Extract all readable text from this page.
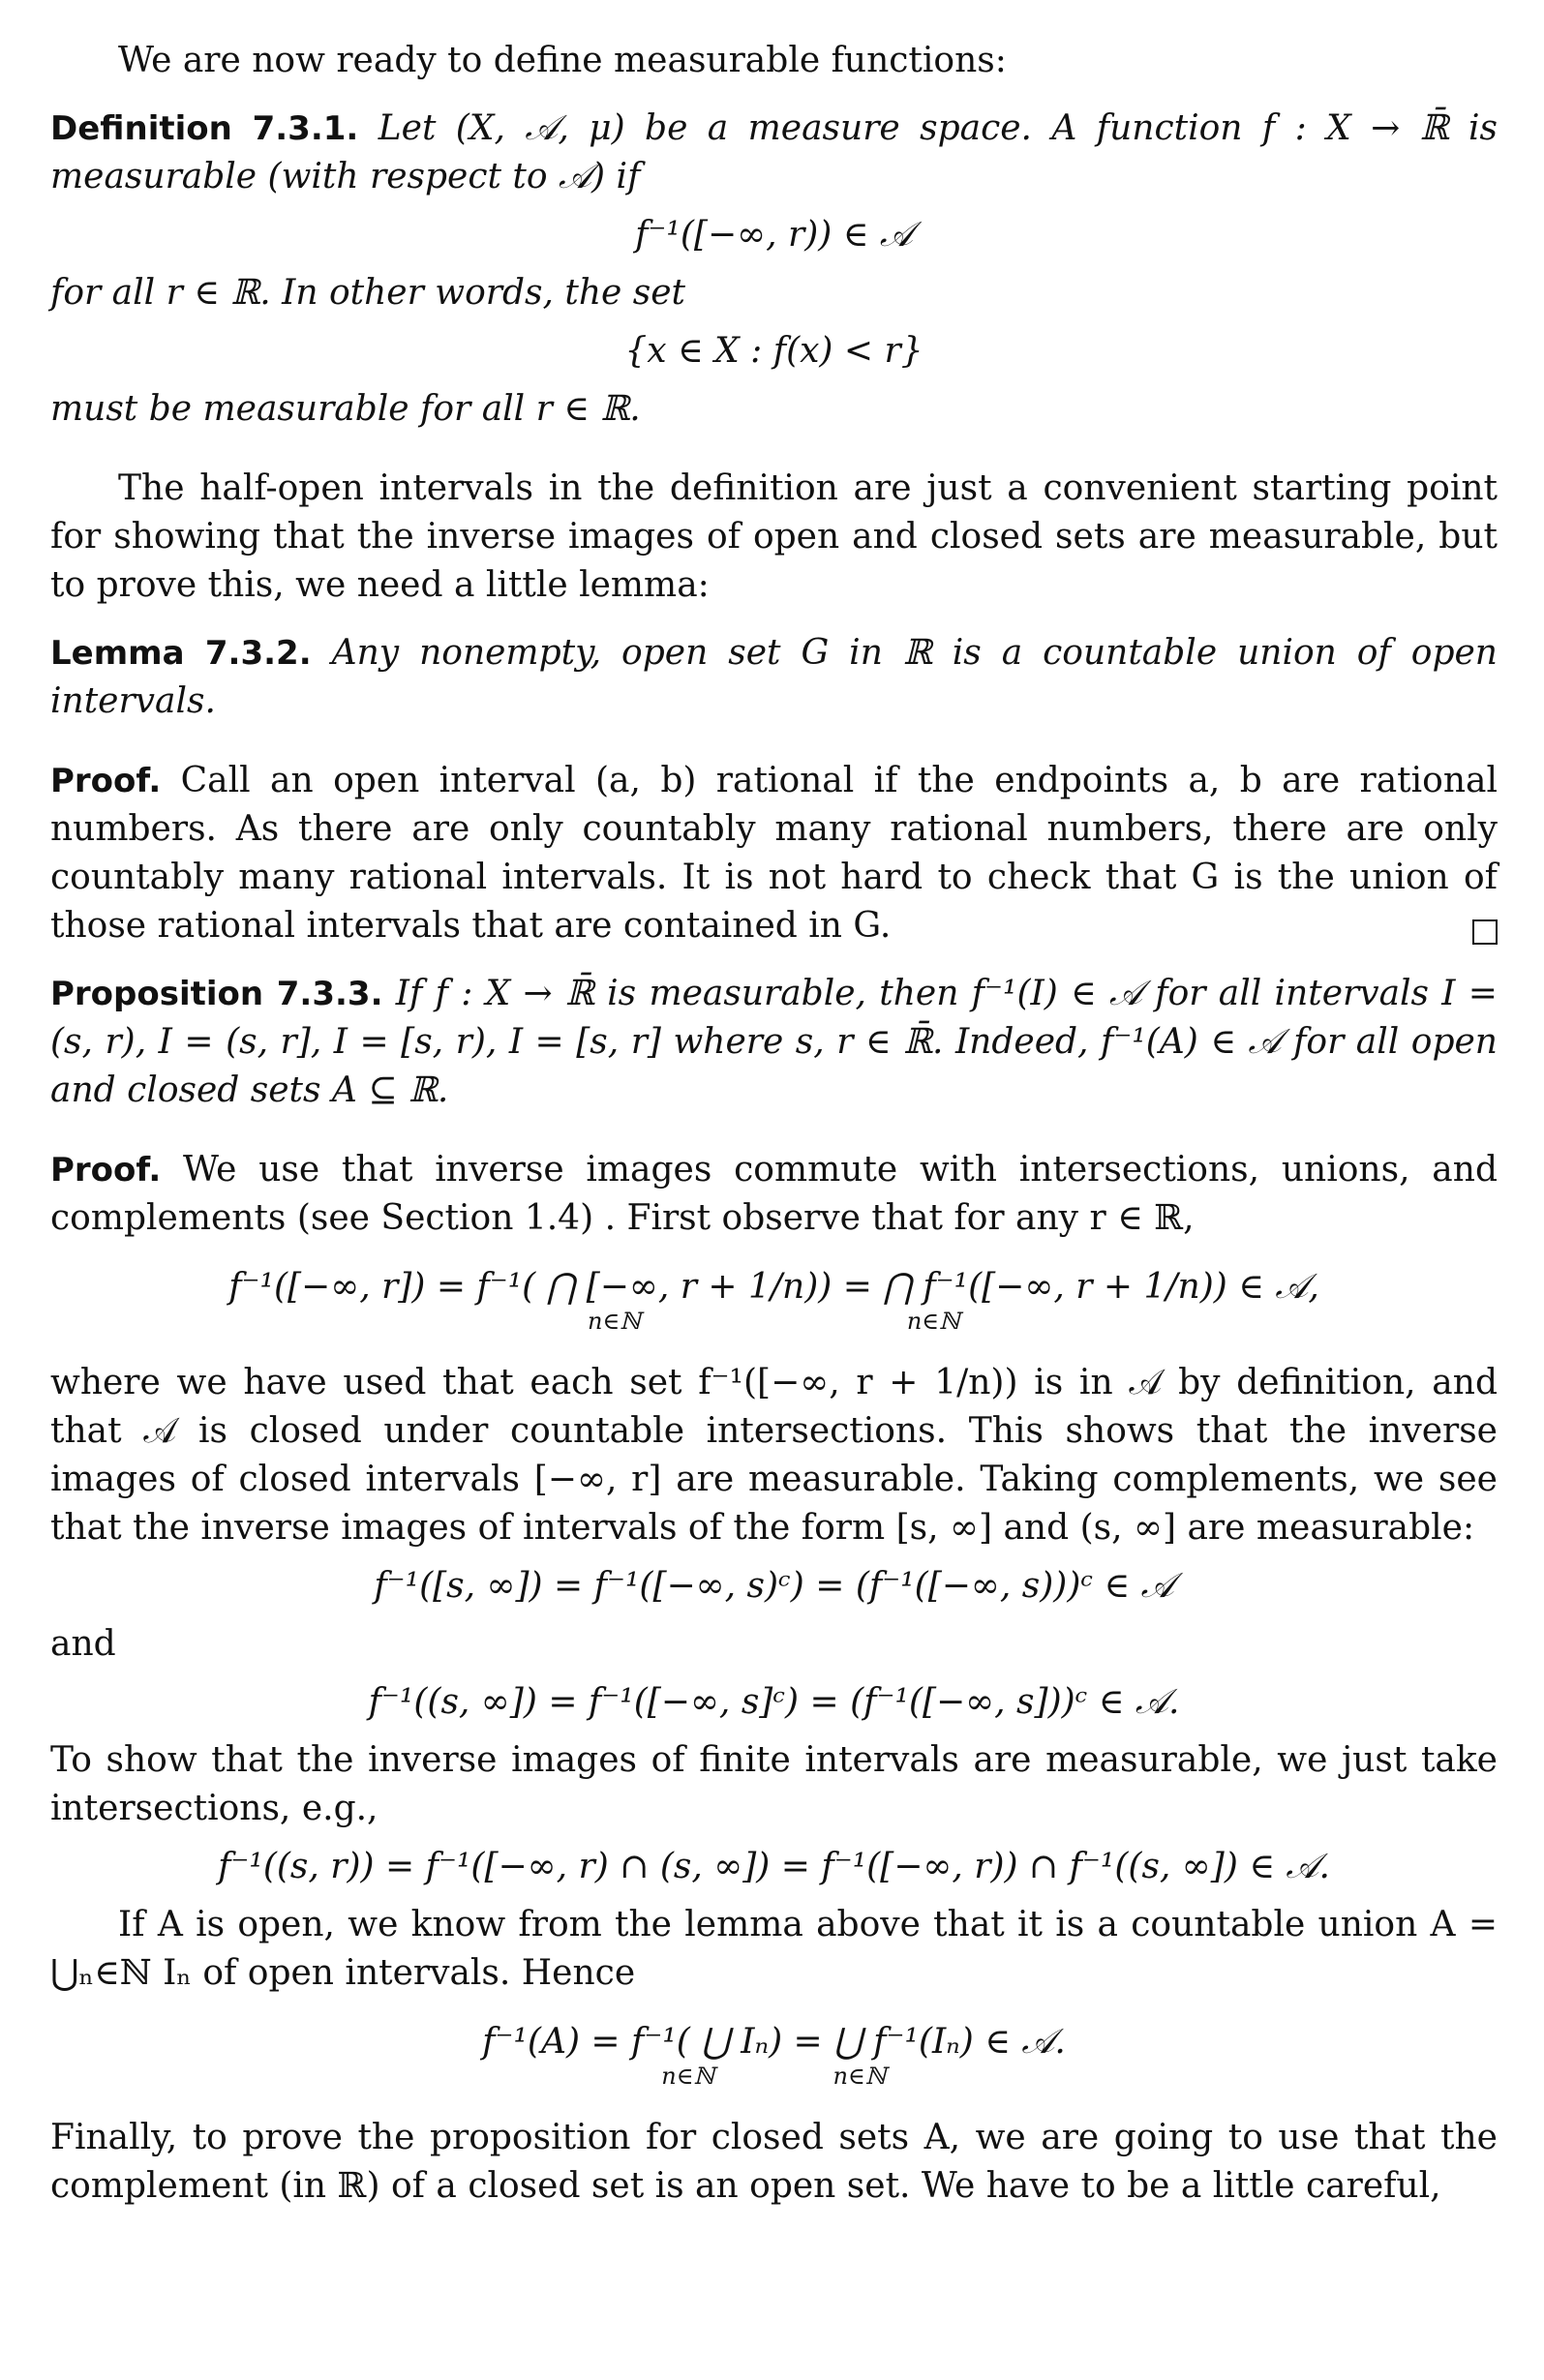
We are now ready to define measurable functions:

Definition 7.3.1. Let (X, 𝒜, μ) be a measure space. A function f : X → ℝ̄ is measurable (with respect to 𝒜) if

f⁻¹([−∞, r)) ∈ 𝒜

for all r ∈ ℝ. In other words, the set

{x ∈ X : f(x) < r}

must be measurable for all r ∈ ℝ.

The half-open intervals in the definition are just a convenient starting point for showing that the inverse images of open and closed sets are measurable, but to prove this, we need a little lemma:

Lemma 7.3.2. Any nonempty, open set G in ℝ is a countable union of open intervals.

Proof. Call an open interval (a, b) rational if the endpoints a, b are rational numbers. As there are only countably many rational numbers, there are only countably many rational intervals. It is not hard to check that G is the union of those rational intervals that are contained in G.

Proposition 7.3.3. If f : X → ℝ̄ is measurable, then f⁻¹(I) ∈ 𝒜 for all intervals I = (s, r), I = (s, r], I = [s, r), I = [s, r] where s, r ∈ ℝ̄. Indeed, f⁻¹(A) ∈ 𝒜 for all open and closed sets A ⊆ ℝ.

Proof. We use that inverse images commute with intersections, unions, and complements (see Section 1.4) . First observe that for any r ∈ ℝ,

f⁻¹([−∞, r]) = f⁻¹( ⋂ [−∞, r + 1/n)) = ⋂ f⁻¹([−∞, r + 1/n)) ∈ 𝒜,
n∈ℕ                                    n∈ℕ

where we have used that each set f⁻¹([−∞, r + 1/n)) is in 𝒜 by definition, and that 𝒜 is closed under countable intersections. This shows that the inverse images of closed intervals [−∞, r] are measurable. Taking complements, we see that the inverse images of intervals of the form [s, ∞] and (s, ∞] are measurable:

f⁻¹([s, ∞]) = f⁻¹([−∞, s)ᶜ) = (f⁻¹([−∞, s)))ᶜ ∈ 𝒜

and

f⁻¹((s, ∞]) = f⁻¹([−∞, s]ᶜ) = (f⁻¹([−∞, s]))ᶜ ∈ 𝒜.

To show that the inverse images of finite intervals are measurable, we just take intersections, e.g.,

f⁻¹((s, r)) = f⁻¹([−∞, r) ∩ (s, ∞]) = f⁻¹([−∞, r)) ∩ f⁻¹((s, ∞]) ∈ 𝒜.

If A is open, we know from the lemma above that it is a countable union A = ⋃ₙ∈ℕ Iₙ of open intervals. Hence

f⁻¹(A) = f⁻¹( ⋃ Iₙ) = ⋃ f⁻¹(Iₙ) ∈ 𝒜.
n∈ℕ                n∈ℕ

Finally, to prove the proposition for closed sets A, we are going to use that the complement (in ℝ) of a closed set is an open set. We have to be a little careful,
